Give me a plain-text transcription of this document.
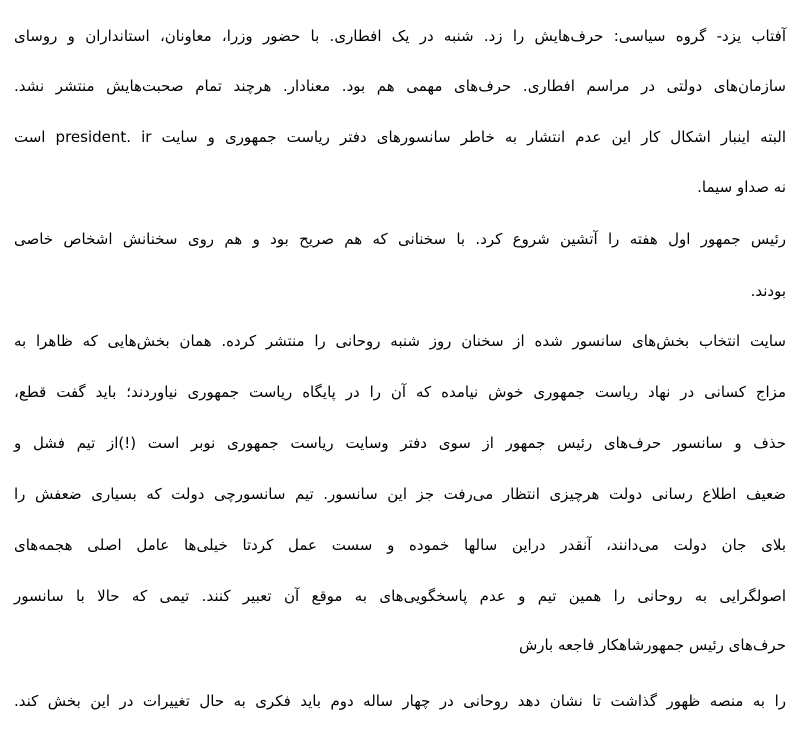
آفتاب یزد- گروه سیاسی: حرف‌هایش را زد. شنبه در یک افطاری. با حضور وزرا، معاونان، استانداران و روسای
سازمان‌های دولتی در مراسم افطاری. حرف‌های مهمی هم بود. معنادار. هرچند تمام صحبت‌هایش منتشر نشد.
البته اینبار اشکال کار این عدم انتشار به خاطر سانسورهای دفتر ریاست جمهوری و سایت president. ir است
نه صداو سیما.
رئیس جمهور اول هفته را آتشین شروع کرد. با سخنانی که هم صریح بود و هم روی سخنانش اشخاص خاصی
بودند.
سایت انتخاب بخش‌های سانسور شده از سخنان روز شنبه روحانی را منتشر کرده. همان بخش‌هایی که ظاهرا به
مزاج کسانی در نهاد ریاست جمهوری خوش نیامده که آن را در پایگاه ریاست جمهوری نیاوردند؛ باید گفت قطع،
حذف و سانسور حرف‌های رئیس جمهور از سوی دفتر وسایت ریاست جمهوری نوبر است (!)از تیم فشل و
ضعیف اطلاع رسانی دولت هرچیزی انتظار می‌رفت جز این سانسور. تیم سانسورچی دولت که بسیاری ضعفش را
بلای جان دولت می‌دانند، آنقدر دراین سالها خموده و سست عمل کردتا خیلی‌ها عامل اصلی هجمه‌های
اصولگرایی به روحانی را همین تیم و عدم پاسخگویی‌های به موقع آن تعبیر کنند. تیمی که حالا با سانسور
حرف‌های رئیس جمهورشاهکار فاجعه بارش
را به منصه ظهور گذاشت تا نشان دهد روحانی در چهار ساله دوم باید فکری به حال تغییرات در این بخش کند.
